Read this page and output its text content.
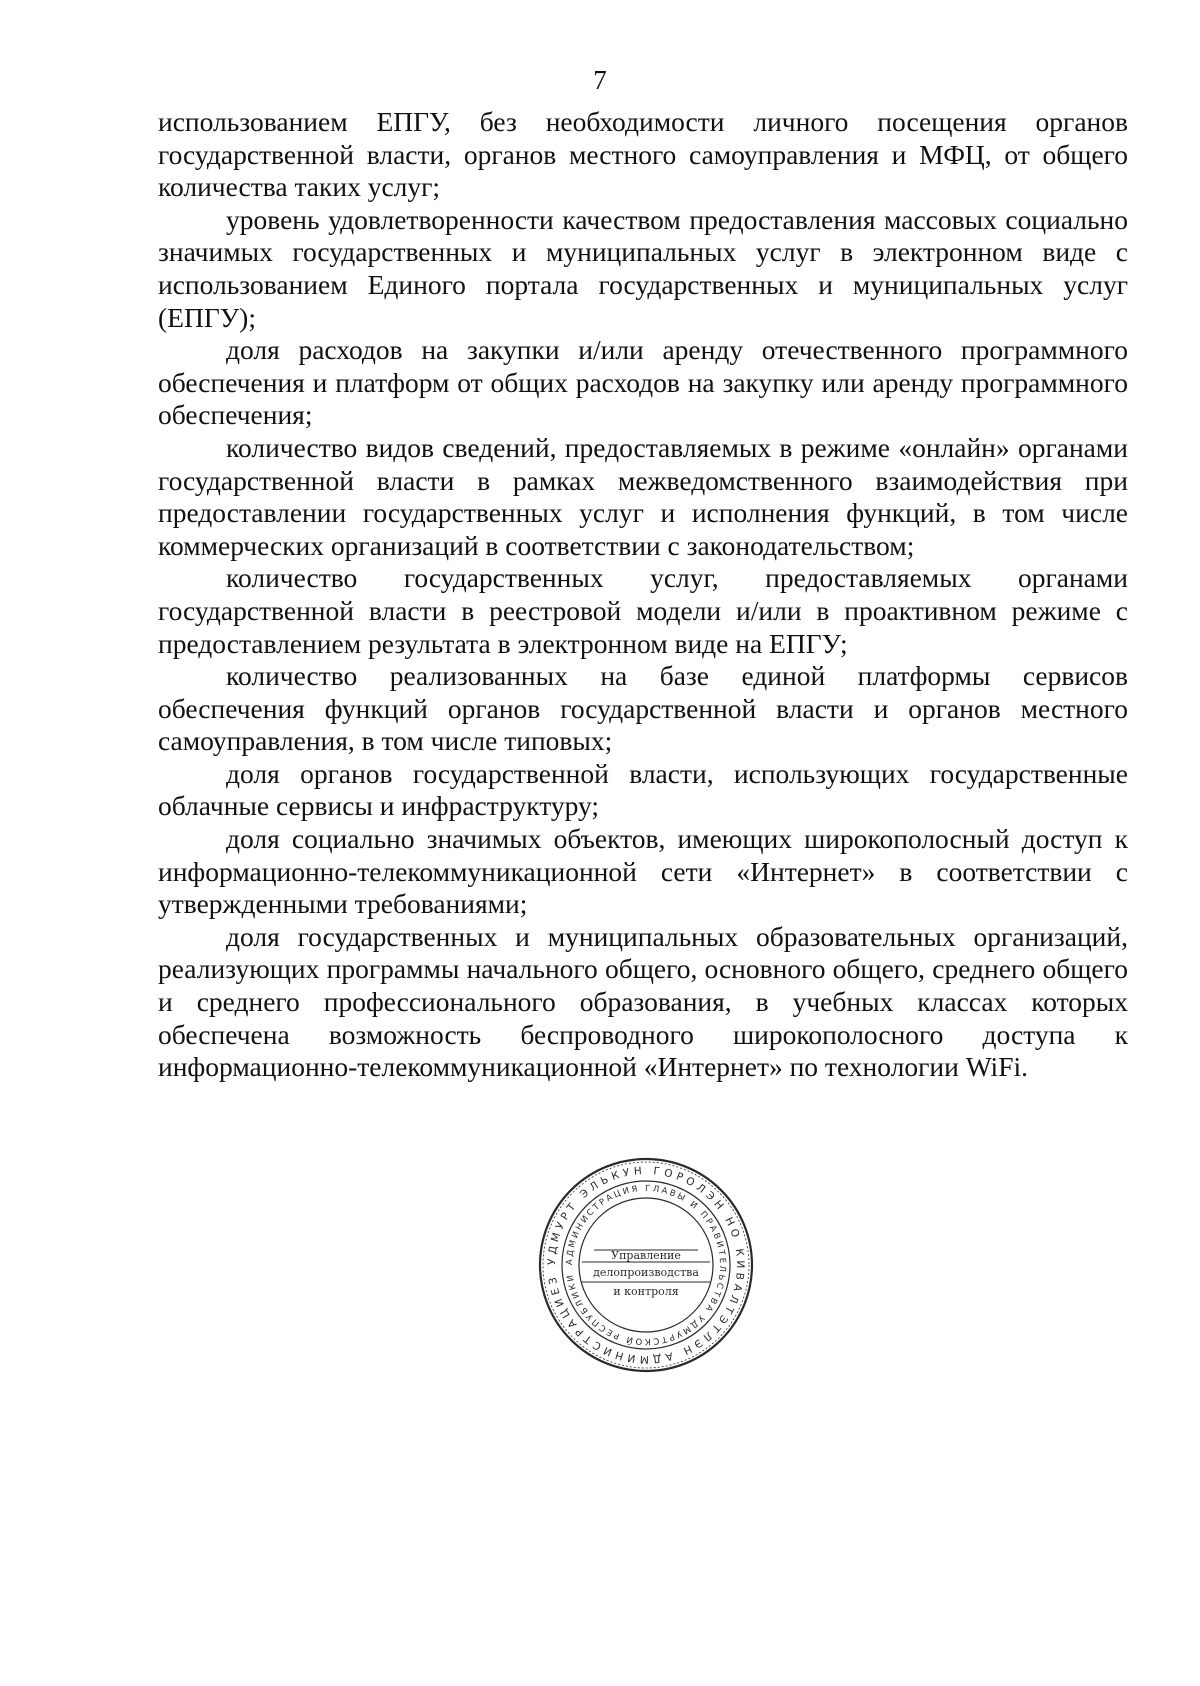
7

использованием ЕПГУ, без необходимости личного посещения органов государственной власти, органов местного самоуправления и МФЦ, от общего количества таких услуг;

уровень удовлетворенности качеством предоставления массовых социально значимых государственных и муниципальных услуг в электронном виде с использованием Единого портала государственных и муниципальных услуг (ЕПГУ);

доля расходов на закупки и/или аренду отечественного программного обеспечения и платформ от общих расходов на закупку или аренду программного обеспечения;

количество видов сведений, предоставляемых в режиме «онлайн» органами государственной власти в рамках межведомственного взаимодействия при предоставлении государственных услуг и исполнения функций, в том числе коммерческих организаций в соответствии с законодательством;

количество государственных услуг, предоставляемых органами государственной власти в реестровой модели и/или в проактивном режиме с предоставлением результата в электронном виде на ЕПГУ;

количество реализованных на базе единой платформы сервисов обеспечения функций органов государственной власти и органов местного самоуправления, в том числе типовых;

доля органов государственной власти, использующих государственные облачные сервисы и инфраструктуру;

доля социально значимых объектов, имеющих широкополосный доступ к информационно-телекоммуникационной сети «Интернет» в соответствии с утвержденными требованиями;

доля государственных и муниципальных образовательных организаций, реализующих программы начального общего, основного общего, среднего общего и среднего профессионального образования, в учебных классах которых обеспечена возможность беспроводного широкополосного доступа к информационно-телекоммуникационной «Интернет» по технологии WiFi.

УДМУРТ ЭЛЬКУН ГОРОЛЭН НО КИВАЛТЭТЛЭН АДМИНИСТРАЦИЕЗ
АДМИНИСТРАЦИЯ ГЛАВЫ И ПРАВИТЕЛЬСТВА УДМУРТСКОЙ РЕСПУБЛИКИ
Управление
делопроизводства
и контроля
